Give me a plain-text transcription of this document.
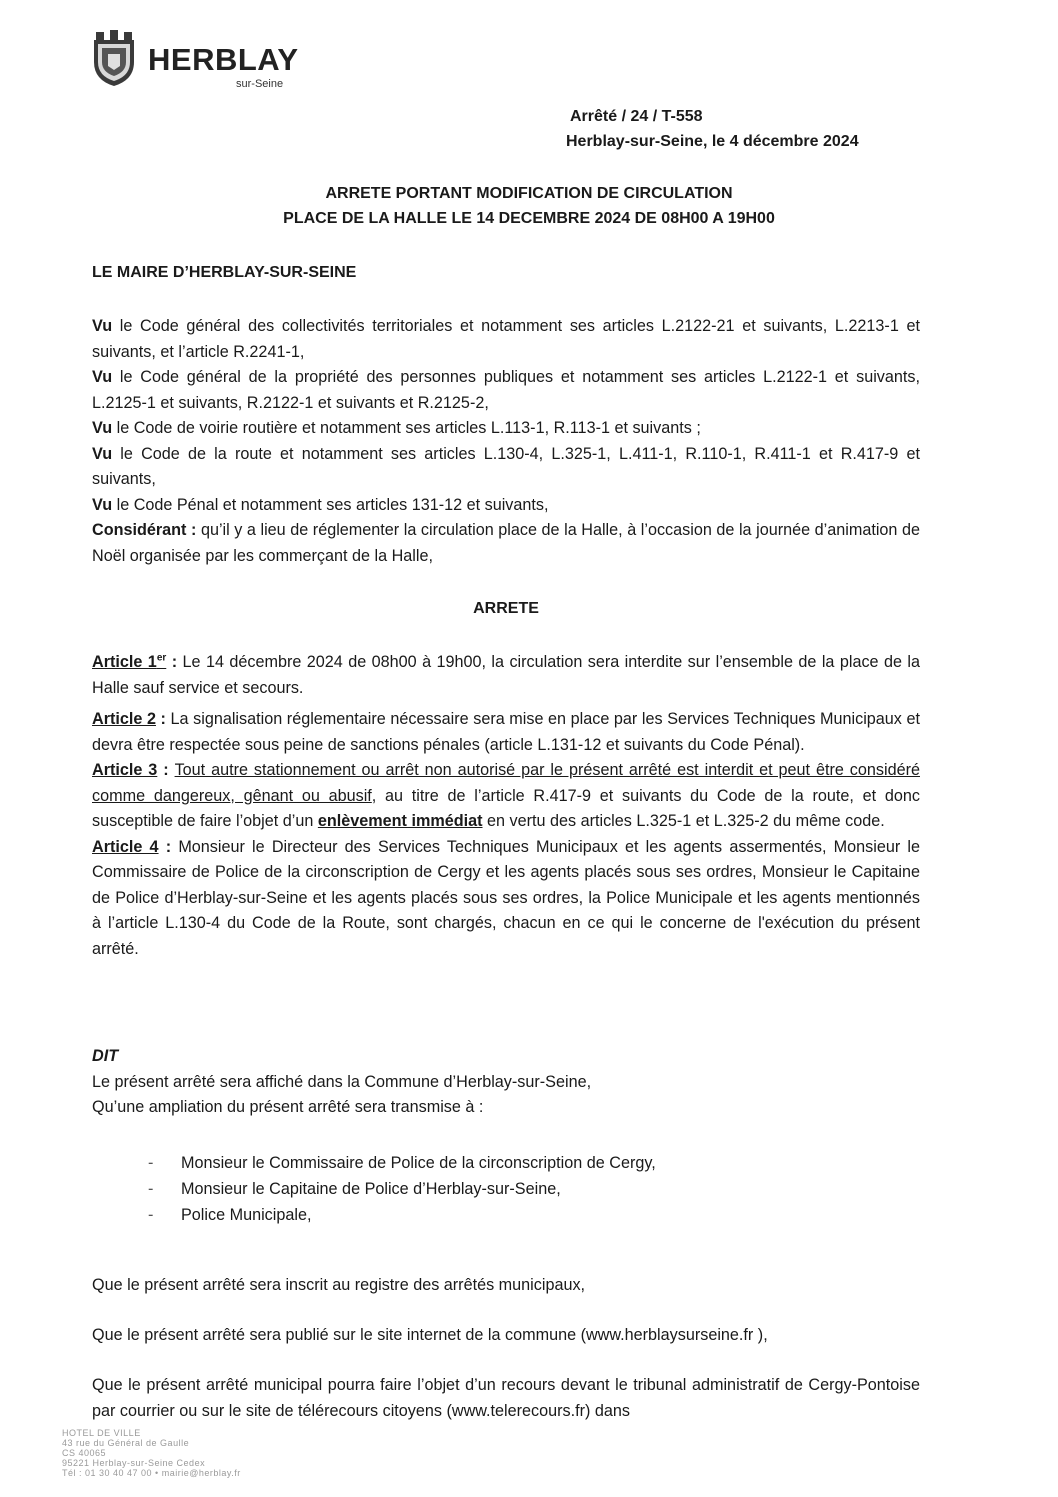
HERBLAY
sur-Seine
Arrêté / 24 / T-558
Herblay-sur-Seine, le 4 décembre 2024
ARRETE PORTANT MODIFICATION DE CIRCULATION
PLACE DE LA HALLE LE 14 DECEMBRE 2024 DE 08H00 A 19H00
LE MAIRE D’HERBLAY-SUR-SEINE

Vu le Code général des collectivités territoriales et notamment ses articles L.2122-21 et suivants, L.2213-1 et suivants, et l’article R.2241-1,

Vu le Code général de la propriété des personnes publiques et notamment ses articles L.2122-1 et suivants, L.2125-1 et suivants, R.2122-1 et suivants et R.2125-2,

Vu le Code de voirie routière et notamment ses articles L.113-1, R.113-1 et suivants ;

Vu le Code de la route et notamment ses articles L.130-4, L.325-1, L.411-1, R.110-1, R.411-1 et R.417-9 et suivants,

Vu le Code Pénal et notamment ses articles 131-12 et suivants,

Considérant : qu’il y a lieu de réglementer la circulation place de la Halle, à l’occasion de la journée d’animation de Noël organisée par les commerçant de la Halle,

ARRETE

Article 1er : Le 14 décembre 2024 de 08h00 à 19h00, la circulation sera interdite sur l’ensemble de la place de la Halle sauf service et secours.

Article 2 : La signalisation réglementaire nécessaire sera mise en place par les Services Techniques Municipaux et devra être respectée sous peine de sanctions pénales (article L.131-12 et suivants du Code Pénal).

Article 3 : Tout autre stationnement ou arrêt non autorisé par le présent arrêté est interdit et peut être considéré comme dangereux, gênant ou abusif, au titre de l’article R.417-9 et suivants du Code de la route, et donc susceptible de faire l’objet d’un enlèvement immédiat en vertu des articles L.325-1 et L.325-2 du même code.

Article 4 : Monsieur le Directeur des Services Techniques Municipaux et les agents assermentés, Monsieur le Commissaire de Police de la circonscription de Cergy et les agents placés sous ses ordres, Monsieur le Capitaine de Police d’Herblay-sur-Seine et les agents placés sous ses ordres, la Police Municipale et les agents mentionnés à l’article L.130-4 du Code de la Route, sont chargés, chacun en ce qui le concerne de l'exécution du présent arrêté.

DIT

Le présent arrêté sera affiché dans la Commune d’Herblay-sur-Seine,

Qu’une ampliation du présent arrêté sera transmise à :

- Monsieur le Commissaire de Police de la circonscription de Cergy,
- Monsieur le Capitaine de Police d’Herblay-sur-Seine,
- Police Municipale,

Que le présent arrêté sera inscrit au registre des arrêtés municipaux,

Que le présent arrêté sera publié sur le site internet de la commune (www.herblaysurseine.fr ),

Que le présent arrêté municipal pourra faire l’objet d’un recours devant le tribunal administratif de Cergy-Pontoise par courrier ou sur le site de télérecours citoyens (www.telerecours.fr) dans

HOTEL DE VILLE
43 rue du Général de Gaulle
CS 40065
95221 Herblay-sur-Seine Cedex
Tél : 01 30 40 47 00 • mairie@herblay.fr
